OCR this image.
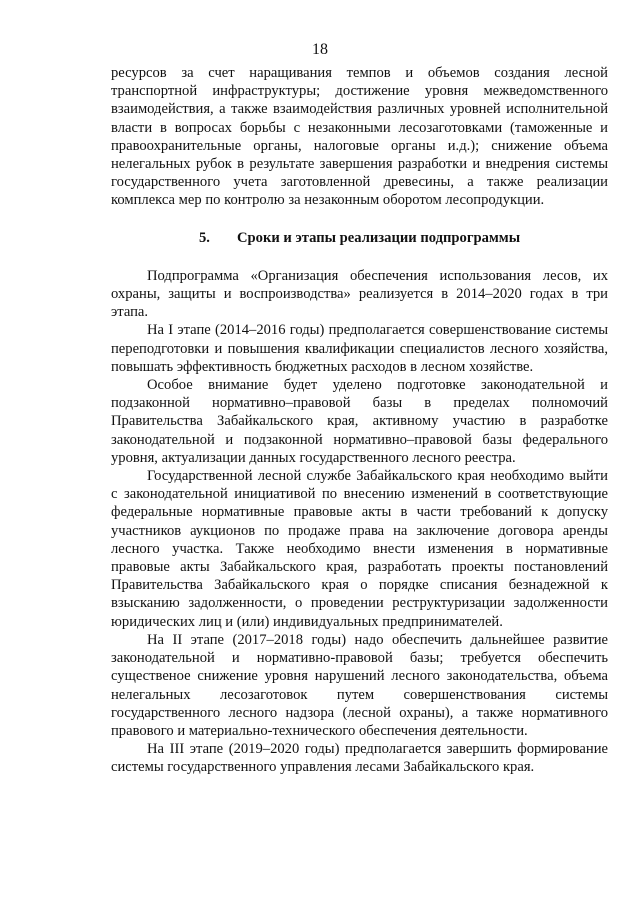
18

ресурсов за счет наращивания темпов и объемов создания лесной транспортной инфраструктуры; достижение уровня межведомственного взаимодействия, а также взаимодействия различных уровней исполнительной власти в вопросах борьбы с незаконными лесозаготовками (таможенные и правоохранительные органы, налоговые органы и.д.); снижение объема нелегальных рубок в результате завершения разработки и внедрения системы государственного учета заготовленной древесины, а также реализации комплекса мер по контролю за незаконным оборотом лесопродукции.

5. Сроки и этапы реализации подпрограммы

Подпрограмма «Организация обеспечения использования лесов, их охраны, защиты и воспроизводства» реализуется в 2014–2020 годах в три этапа.

На I этапе (2014–2016 годы) предполагается совершенствование системы переподготовки и повышения квалификации специалистов лесного хозяйства, повышать эффективность бюджетных расходов в лесном хозяйстве.

Особое внимание будет уделено подготовке законодательной и подзаконной нормативно–правовой базы в пределах полномочий Правительства Забайкальского края, активному участию в разработке законодательной и подзаконной нормативно–правовой базы федерального уровня, актуализации данных государственного лесного реестра.

Государственной лесной службе Забайкальского края необходимо выйти с законодательной инициативой по внесению изменений в соответствующие федеральные нормативные правовые акты в части требований к допуску участников аукционов по продаже права на заключение договора аренды лесного участка. Также необходимо внести изменения в нормативные правовые акты Забайкальского края, разработать проекты постановлений Правительства Забайкальского края о порядке списания безнадежной к взысканию задолженности, о проведении реструктуризации задолженности юридических лиц и (или) индивидуальных предпринимателей.

На II этапе (2017–2018 годы) надо обеспечить дальнейшее развитие законодательной и нормативно-правовой базы; требуется обеспечить существеное снижение уровня нарушений лесного законодательства, объема нелегальных лесозаготовок путем совершенствования системы государственного лесного надзора (лесной охраны), а также нормативного правового и материально-технического обеспечения деятельности.

На III этапе (2019–2020 годы) предполагается завершить формирование системы государственного управления лесами Забайкальского края.
